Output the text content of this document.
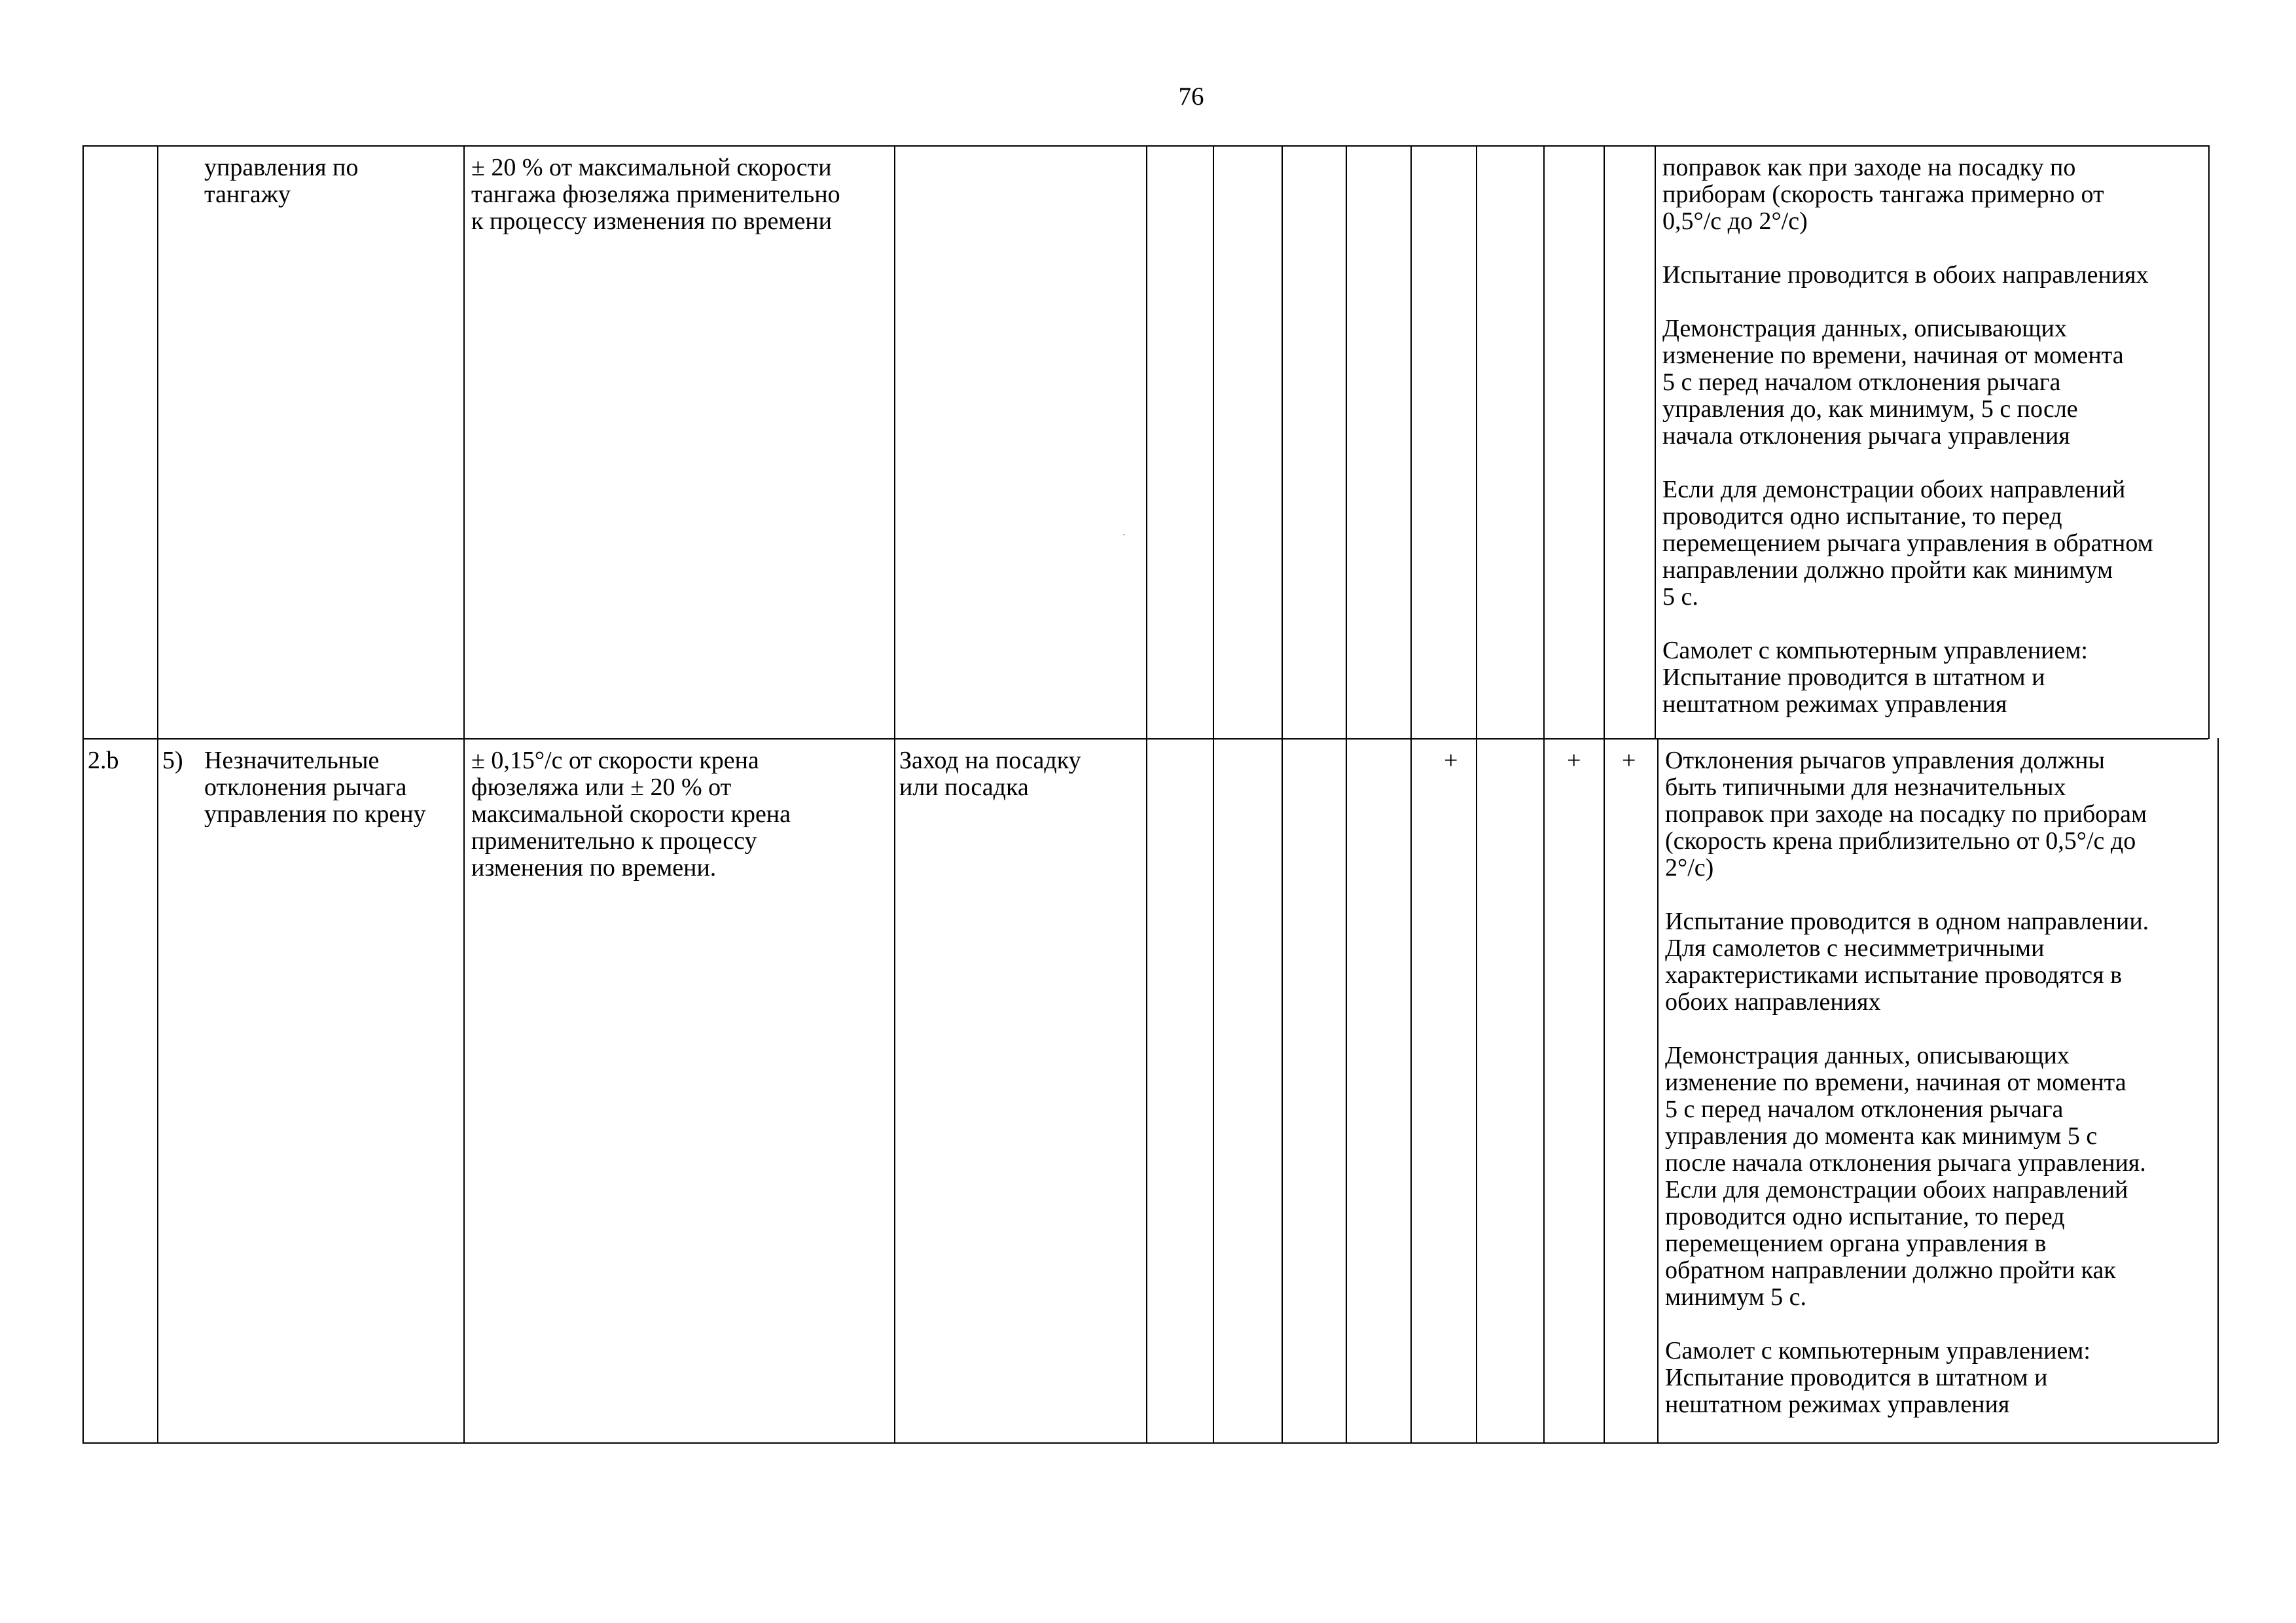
76
управления по
тангажу
± 20 % от максимальной скорости
тангажа фюзеляжа применительно
к процессу изменения по времени
поправок как при заходе на посадку по
приборам (скорость тангажа примерно от
0,5°/с до 2°/с)
Испытание проводится в обоих направлениях
Демонстрация данных, описывающих
изменение по времени, начиная от момента
5 с перед началом отклонения рычага
управления до, как минимум, 5 с после
начала отклонения рычага управления
Если для демонстрации обоих направлений
проводится одно испытание, то перед
перемещением рычага управления в обратном
направлении должно пройти как минимум
5 с.
Самолет с компьютерным управлением:
Испытание проводится в штатном и
нештатном режимах управления
2.b 5) Незначительные
отклонения рычага
управления по крену
± 0,15°/с от скорости крена
фюзеляжа или ± 20 % от
максимальной скорости крена
применительно к процессу
изменения по времени.
Заход на посадку
или посадка
+	+ + Отклонения рычагов управления должны
быть типичными для незначительных
поправок при заходе на посадку по приборам
(скорость крена приблизительно от 0,5°/с до
2°/с)
Испытание проводится в одном направлении.
Для самолетов с несимметричными
характеристиками испытание проводятся в
обоих направлениях
Демонстрация данных, описывающих
изменение по времени, начиная от момента
5 с перед началом отклонения рычага
управления до момента как минимум 5 с
после начала отклонения рычага управления.
Если для демонстрации обоих направлений
проводится одно испытание, то перед
перемещением органа управления в
обратном направлении должно пройти как
минимум 5 с.
Самолет с компьютерным управлением:
Испытание проводится в штатном и
нештатном режимах управления
